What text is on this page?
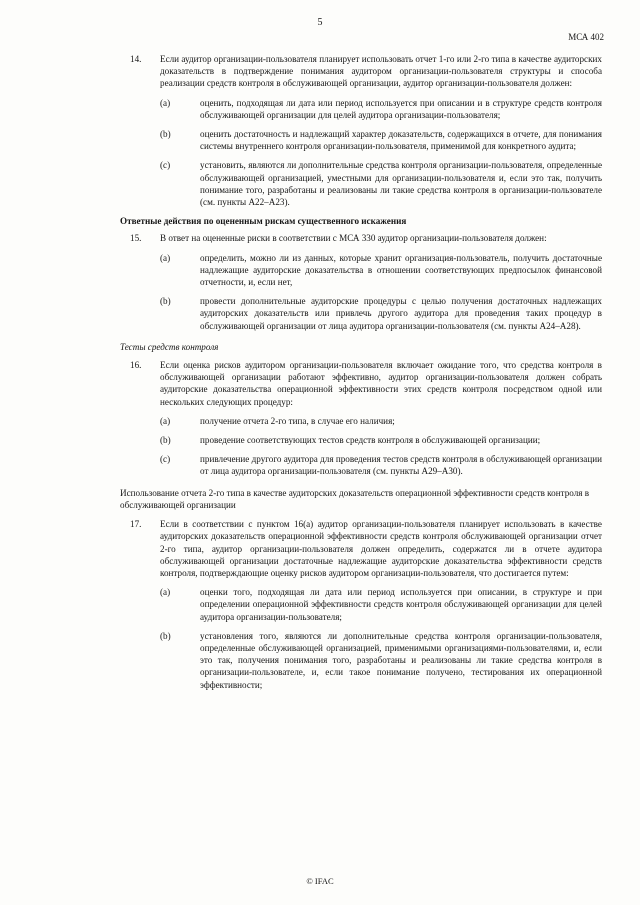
5
МСА 402
14. Если аудитор организации-пользователя планирует использовать отчет 1-го или 2-го типа в качестве аудиторских доказательств в подтверждение понимания аудитором организации-пользователя структуры и способа реализации средств контроля в обслуживающей организации, аудитор организации-пользователя должен:
(a)	оценить, подходящая ли дата или период используется при описании и в структуре средств контроля обслуживающей организации для целей аудитора организации-пользователя;
(b)	оценить достаточность и надлежащий характер доказательств, содержащихся в отчете, для понимания системы внутреннего контроля организации-пользователя, применимой для конкретного аудита;
(c)	установить, являются ли дополнительные средства контроля организации-пользователя, определенные обслуживающей организацией, уместными для организации-пользователя и, если это так, получить понимание того, разработаны и реализованы ли такие средства контроля в организации-пользователе (см. пункты A22–A23).
Ответные действия по оцененным рискам существенного искажения
15. В ответ на оцененные риски в соответствии с МСА 330 аудитор организации-пользователя должен:
(a)	определить, можно ли из данных, которые хранит организация-пользователь, получить достаточные надлежащие аудиторские доказательства в отношении соответствующих предпосылок финансовой отчетности, и, если нет,
(b)	провести дополнительные аудиторские процедуры с целью получения достаточных надлежащих аудиторских доказательств или привлечь другого аудитора для проведения таких процедур в обслуживающей организации от лица аудитора организации-пользователя (см. пункты A24–A28).
Тесты средств контроля
16. Если оценка рисков аудитором организации-пользователя включает ожидание того, что средства контроля в обслуживающей организации работают эффективно, аудитор организации-пользователя должен собрать аудиторские доказательства операционной эффективности этих средств контроля посредством одной или нескольких следующих процедур:
(a)	получение отчета 2-го типа, в случае его наличия;
(b)	проведение соответствующих тестов средств контроля в обслуживающей организации;
(c)	привлечение другого аудитора для проведения тестов средств контроля в обслуживающей организации от лица аудитора организации-пользователя (см. пункты A29–A30).
Использование отчета 2-го типа в качестве аудиторских доказательств операционной эффективности средств контроля в обслуживающей организации
17. Если в соответствии с пунктом 16(а) аудитор организации-пользователя планирует использовать в качестве аудиторских доказательств операционной эффективности средств контроля обслуживающей организации отчет 2-го типа, аудитор организации-пользователя должен определить, содержатся ли в отчете аудитора обслуживающей организации достаточные надлежащие аудиторские доказательства эффективности средств контроля, подтверждающие оценку рисков аудитором организации-пользователя, что достигается путем:
(a)	оценки того, подходящая ли дата или период используется при описании, в структуре и при определении операционной эффективности средств контроля обслуживающей организации для целей аудитора организации-пользователя;
(b)	установления того, являются ли дополнительные средства контроля организации-пользователя, определенные обслуживающей организацией, применимыми организациями-пользователями, и, если это так, получения понимания того, разработаны и реализованы ли такие средства контроля в организации-пользователе, и, если такое понимание получено, тестирования их операционной эффективности;
© IFAC
